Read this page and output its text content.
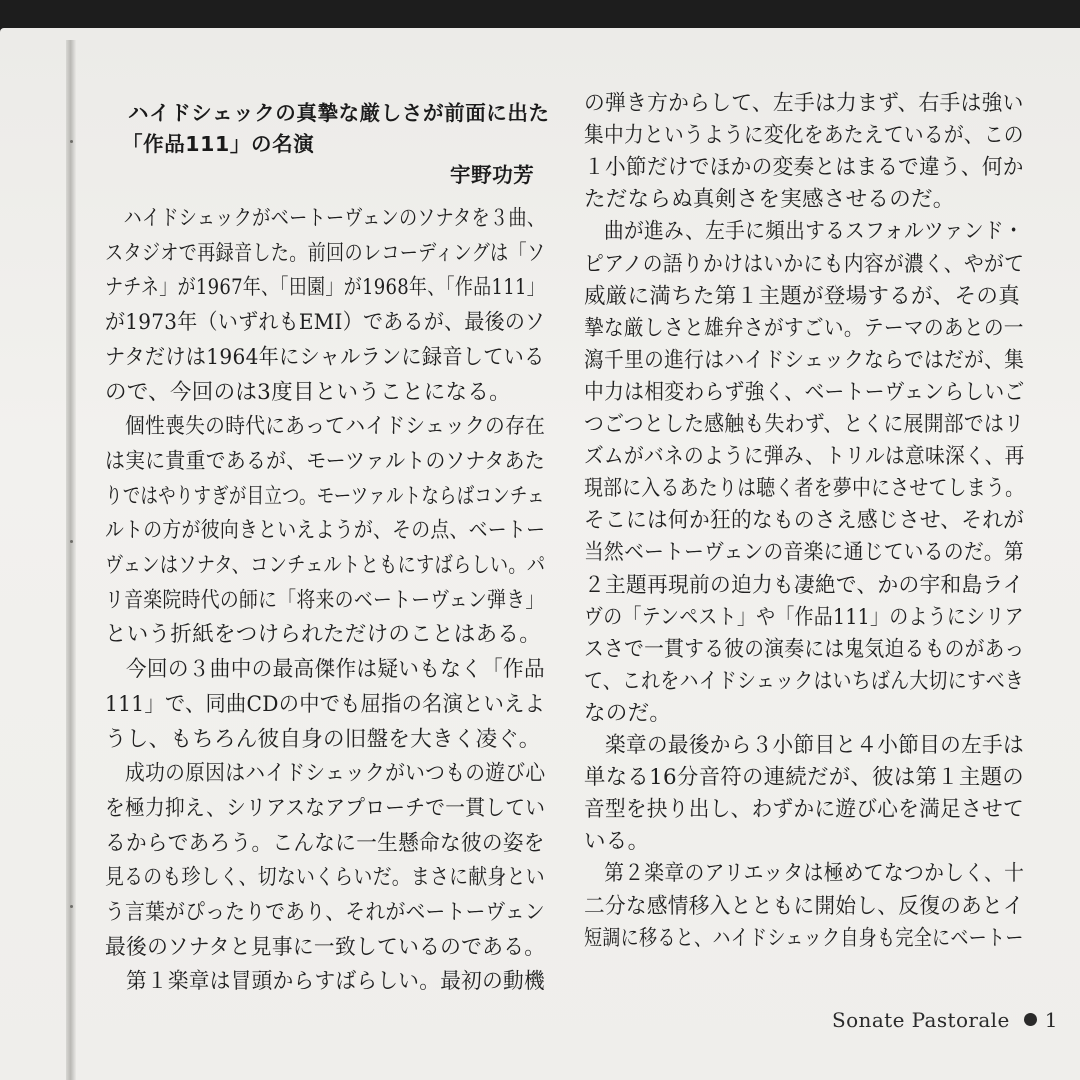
ハイドシェックの真摯な厳しさが前面に出た
「作品111」の名演
宇野功芳
　ハイドシェックがベートーヴェンのソナタを３曲、
スタジオで再録音した。前回のレコーディングは「ソ
ナチネ」が1967年、「田園」が1968年、「作品111」
が1973年（いずれもEMI）であるが、最後のソ
ナタだけは1964年にシャルランに録音している
ので、今回のは3度目ということになる。
　個性喪失の時代にあってハイドシェックの存在
は実に貴重であるが、モーツァルトのソナタあた
りではやりすぎが目立つ。モーツァルトならばコンチェ
ルトの方が彼向きといえようが、その点、ベートー
ヴェンはソナタ、コンチェルトともにすばらしい。パ
リ音楽院時代の師に「将来のベートーヴェン弾き」
という折紙をつけられただけのことはある。
　今回の３曲中の最高傑作は疑いもなく「作品
111」で、同曲CDの中でも屈指の名演といえよ
うし、もちろん彼自身の旧盤を大きく凌ぐ。
　成功の原因はハイドシェックがいつもの遊び心
を極力抑え、シリアスなアプローチで一貫してい
るからであろう。こんなに一生懸命な彼の姿を
見るのも珍しく、切ないくらいだ。まさに献身とい
う言葉がぴったりであり、それがベートーヴェン
最後のソナタと見事に一致しているのである。
　第１楽章は冒頭からすばらしい。最初の動機
の弾き方からして、左手は力まず、右手は強い
集中力というように変化をあたえているが、この
１小節だけでほかの変奏とはまるで違う、何か
ただならぬ真剣さを実感させるのだ。
　曲が進み、左手に頻出するスフォルツァンド・
ピアノの語りかけはいかにも内容が濃く、やがて
威厳に満ちた第１主題が登場するが、その真
摯な厳しさと雄弁さがすごい。テーマのあとの一
瀉千里の進行はハイドシェックならではだが、集
中力は相変わらず強く、ベートーヴェンらしいご
つごつとした感触も失わず、とくに展開部ではリ
ズムがバネのように弾み、トリルは意味深く、再
現部に入るあたりは聴く者を夢中にさせてしまう。
そこには何か狂的なものさえ感じさせ、それが
当然ベートーヴェンの音楽に通じているのだ。第
２主題再現前の迫力も凄絶で、かの宇和島ライ
ヴの「テンペスト」や「作品111」のようにシリア
スさで一貫する彼の演奏には鬼気迫るものがあっ
て、これをハイドシェックはいちばん大切にすべき
なのだ。
　楽章の最後から３小節目と４小節目の左手は
単なる16分音符の連続だが、彼は第１主題の
音型を抉り出し、わずかに遊び心を満足させて
いる。
　第２楽章のアリエッタは極めてなつかしく、十
二分な感情移入とともに開始し、反復のあとイ
短調に移ると、ハイドシェック自身も完全にベートー
Sonate Pastorale 1
